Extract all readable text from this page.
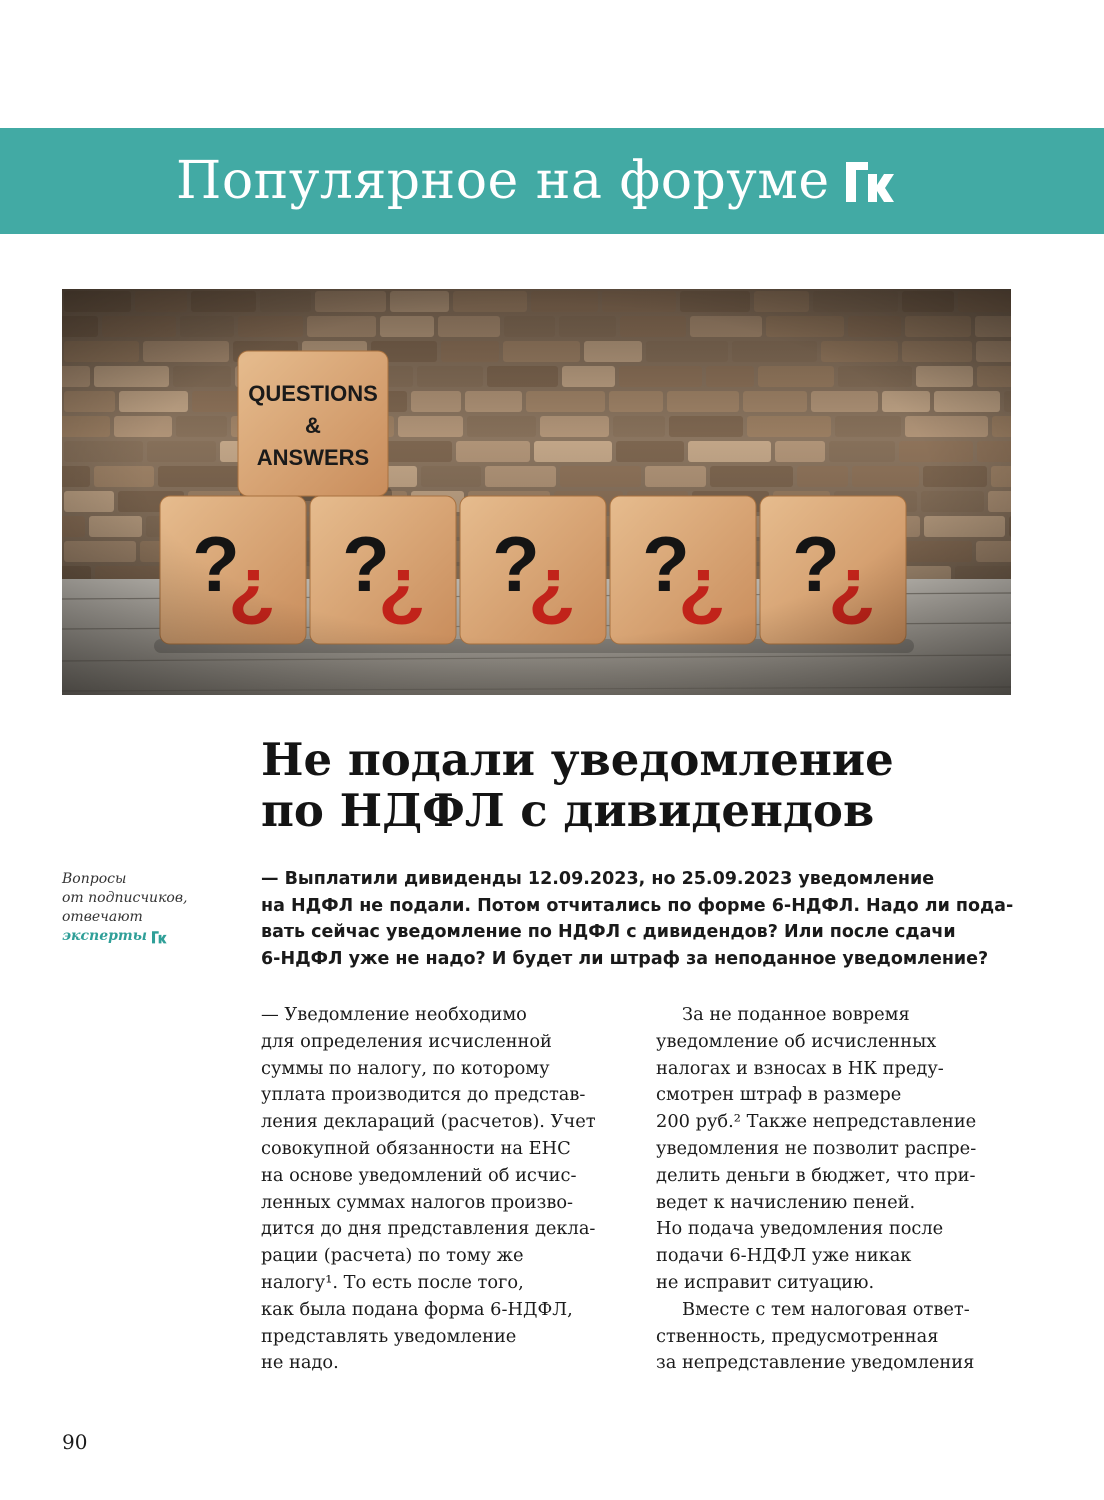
Популярное на форуме
Не подали уведомление
по НДФЛ с дивидендов
Вопросы
от подписчиков,
отвечают
эксперты
— Выплатили дивиденды 12.09.2023, но 25.09.2023 уведомление
на НДФЛ не подали. Потом отчитались по форме 6-НДФЛ. Надо ли пода-
вать сейчас уведомление по НДФЛ с дивидендов? Или после сдачи
6-НДФЛ уже не надо? И будет ли штраф за неподанное уведомление?
— Уведомление необходимо
для определения исчисленной
суммы по налогу, по которому
уплата производится до представ-
ления деклараций (расчетов). Учет
совокупной обязанности на ЕНС
на основе уведомлений об исчис-
ленных суммах налогов произво-
дится до дня представления декла-
рации (расчета) по тому же
налогу¹. То есть после того,
как была подана форма 6-НДФЛ,
представлять уведомление
не надо.
За не поданное вовремя
уведомление об исчисленных
налогах и взносах в НК преду-
смотрен штраф в размере
200 руб.² Также непредставление
уведомления не позволит распре-
делить деньги в бюджет, что при-
ведет к начислению пеней.
Но подача уведомления после
подачи 6-НДФЛ уже никак
не исправит ситуацию.
Вместе с тем налоговая ответ-
ственность, предусмотренная
за непредставление уведомления
90
